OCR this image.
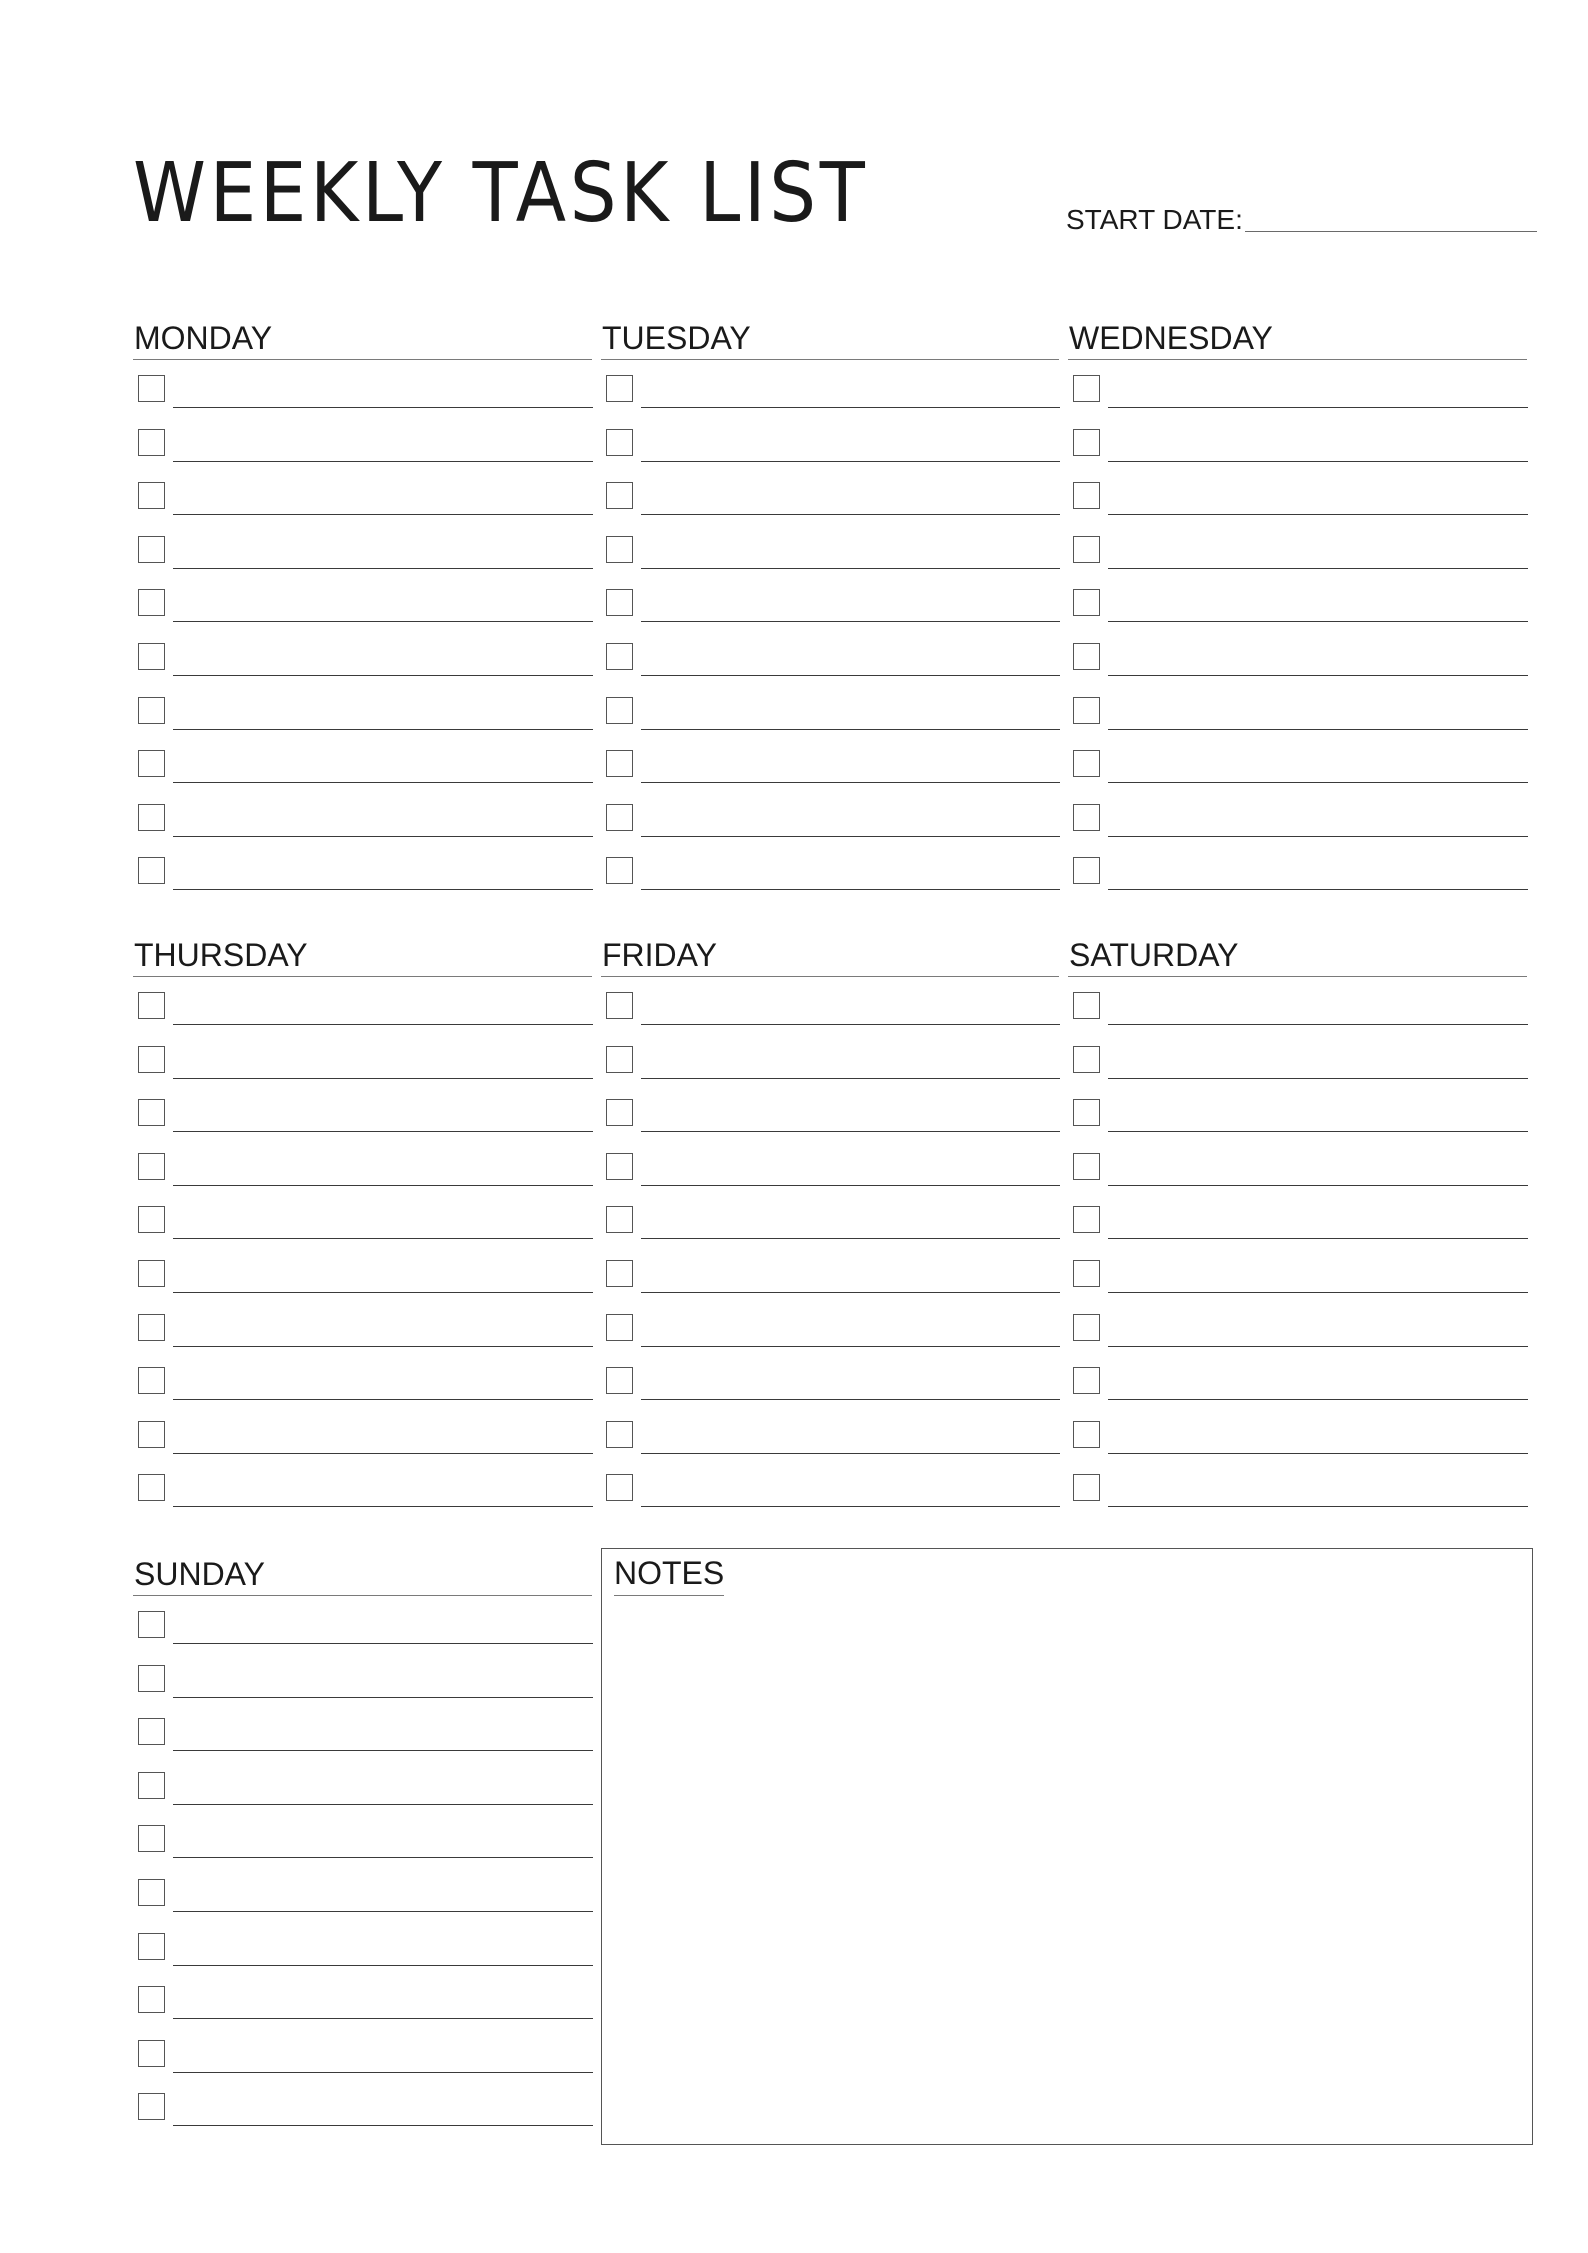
WEEKLY TASK LIST	START DATE:
MONDAY	TUESDAY	WEDNESDAY
THURSDAY	FRIDAY	SATURDAY
SUNDAY	NOTES
